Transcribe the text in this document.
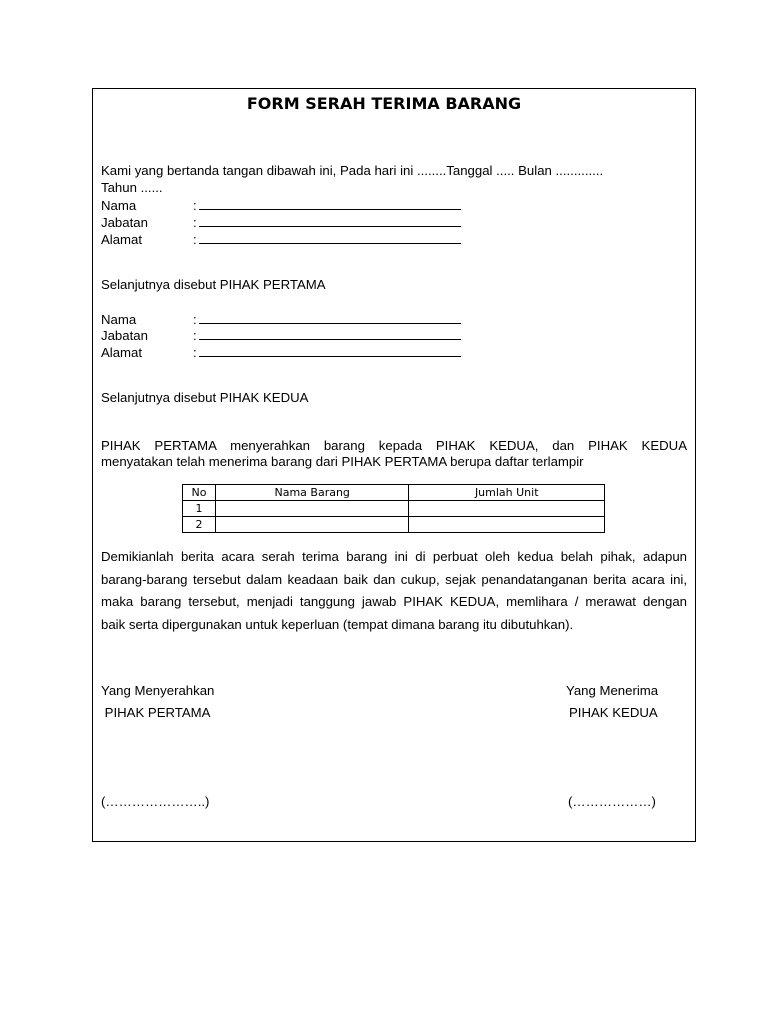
FORM SERAH TERIMA BARANG
Kami yang bertanda tangan dibawah ini, Pada hari ini ........Tanggal ..... Bulan .............
Tahun ......
Nama	:
Jabatan	:
Alamat	:
Selanjutnya disebut PIHAK PERTAMA
Nama	:
Jabatan	:
Alamat	:
Selanjutnya disebut PIHAK KEDUA
PIHAK PERTAMA menyerahkan barang kepada PIHAK KEDUA, dan PIHAK KEDUA
menyatakan telah menerima barang dari PIHAK PERTAMA berupa daftar terlampir
No	Nama Barang	Jumlah Unit
1		
2		
Demikianlah berita acara serah terima barang ini di perbuat oleh kedua belah pihak, adapun
barang-barang tersebut dalam keadaan baik dan cukup, sejak penandatanganan berita acara ini,
maka barang tersebut, menjadi tanggung jawab PIHAK KEDUA, memlihara / merawat dengan
baik serta dipergunakan untuk keperluan (tempat dimana barang itu dibutuhkan).
Yang Menyerahkan
PIHAK PERTAMA
(…………………..)
Yang Menerima
PIHAK KEDUA
(………………)
